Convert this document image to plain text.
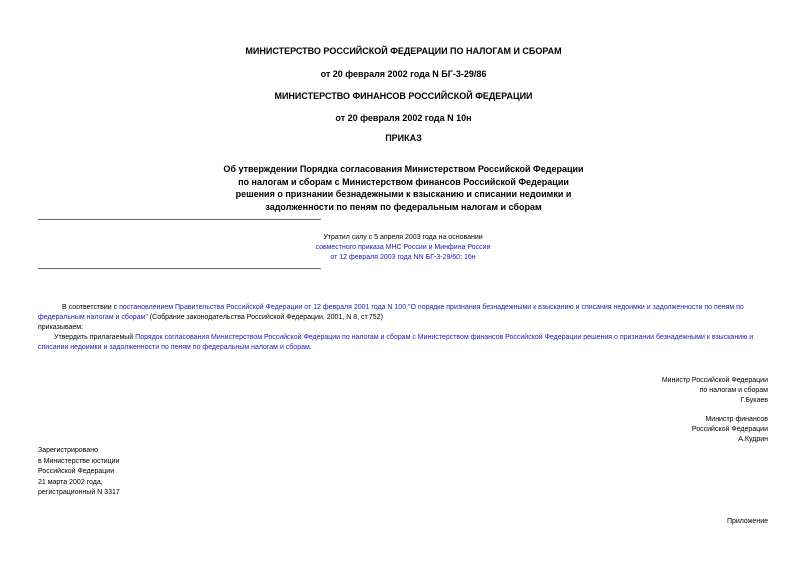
МИНИСТЕРСТВО РОССИЙСКОЙ ФЕДЕРАЦИИ ПО НАЛОГАМ И СБОРАМ
от 20 февраля 2002 года N БГ-3-29/86
МИНИСТЕРСТВО ФИНАНСОВ РОССИЙСКОЙ ФЕДЕРАЦИИ
от 20 февраля 2002 года N 10н
ПРИКАЗ
Об утверждении Порядка согласования Министерством Российской Федерации
по налогам и сборам с Министерством финансов Российской Федерации
решения о признании безнадежными к взысканию и списании недоимки и
задолженности по пеням по федеральным налогам и сборам
Утратил силу с 5 апреля 2003 года на основании
совместного приказа МНС России и Минфина России
от 12 февраля 2003 года NN БГ-3-29/60; 16н
В соответствии с постановлением Правительства Российской Федерации от 12 февраля 2001 года N 100 "О порядке признания безнадежными к взысканию и списания недоимки и задолженности по пеням по федеральным налогам и сборам" (Собрание законодательства Российской Федерации, 2001, N 8, ст.752)
приказываем:
Утвердить прилагаемый Порядок согласования Министерством Российской Федерации по налогам и сборам с Министерством финансов Российской Федерации решения о признании безнадежными к взысканию и списании недоимки и задолженности по пеням по федеральным налогам и сборам.
Министр Российской Федерации
по налогам и сборам
Г.Букаев
Министр финансов
Российской Федерации
А.Кудрин
Зарегистрировано
в Министерстве юстиции
Российской Федерации
21 марта 2002 года,
регистрационный N 3317
Приложение
